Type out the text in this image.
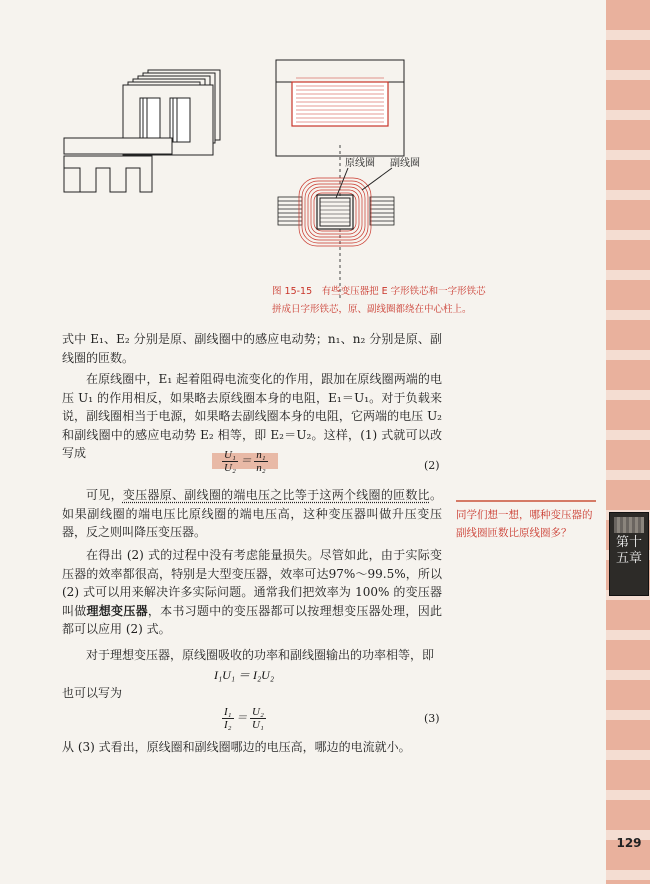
第十五章
129
原线圈 副线圈
图 15-15　有些变压器把 E 字形铁芯和一字形铁芯
拼成日字形铁芯，原、副线圈都绕在中心柱上。
式中 E₁、E₂ 分别是原、副线圈中的感应电动势；n₁、n₂ 分别是原、副线圈的匝数。
在原线圈中，E₁ 起着阻碍电流变化的作用，跟加在原线圈两端的电压 U₁ 的作用相反，如果略去原线圈本身的电阻，E₁＝U₁。对于负载来说，副线圈相当于电源，如果略去副线圈本身的电阻，它两端的电压 U₂ 和副线圈中的感应电动势 E₂ 相等，即 E₂＝U₂。这样，(1) 式就可以改写成	$\frac{\text{U₁}}{\text{U₂}} = \frac{\text{n₁}}{\text{n₂}}$	(2)
可见，变压器原、副线圈的端电压之比等于这两个线圈的匝数比。如果副线圈的端电压比原线圈的端电压高，这种变压器叫做升压变压器，反之则叫降压变压器。
在得出 (2) 式的过程中没有考虑能量损失。尽管如此，由于实际变压器的效率都很高，特别是大型变压器，效率可达97%～99.5%，所以 (2) 式可以用来解决许多实际问题。通常我们把效率为 100% 的变压器叫做理想变压器，本书习题中的变压器都可以按理想变压器处理，因此都可以应用 (2) 式。
对于理想变压器，原线圈吸收的功率和副线圈输出的功率相等，即
I₁U₁ ＝ I₂U₂
也可以写为
$\frac{\text{I₁}}{\text{I₂}} = \frac{\text{U₂}}{\text{U₁}}$	(3)
从 (3) 式看出，原线圈和副线圈哪边的电压高，哪边的电流就小。
同学们想一想，哪种变压器的副线圈匝数比原线圈多？
